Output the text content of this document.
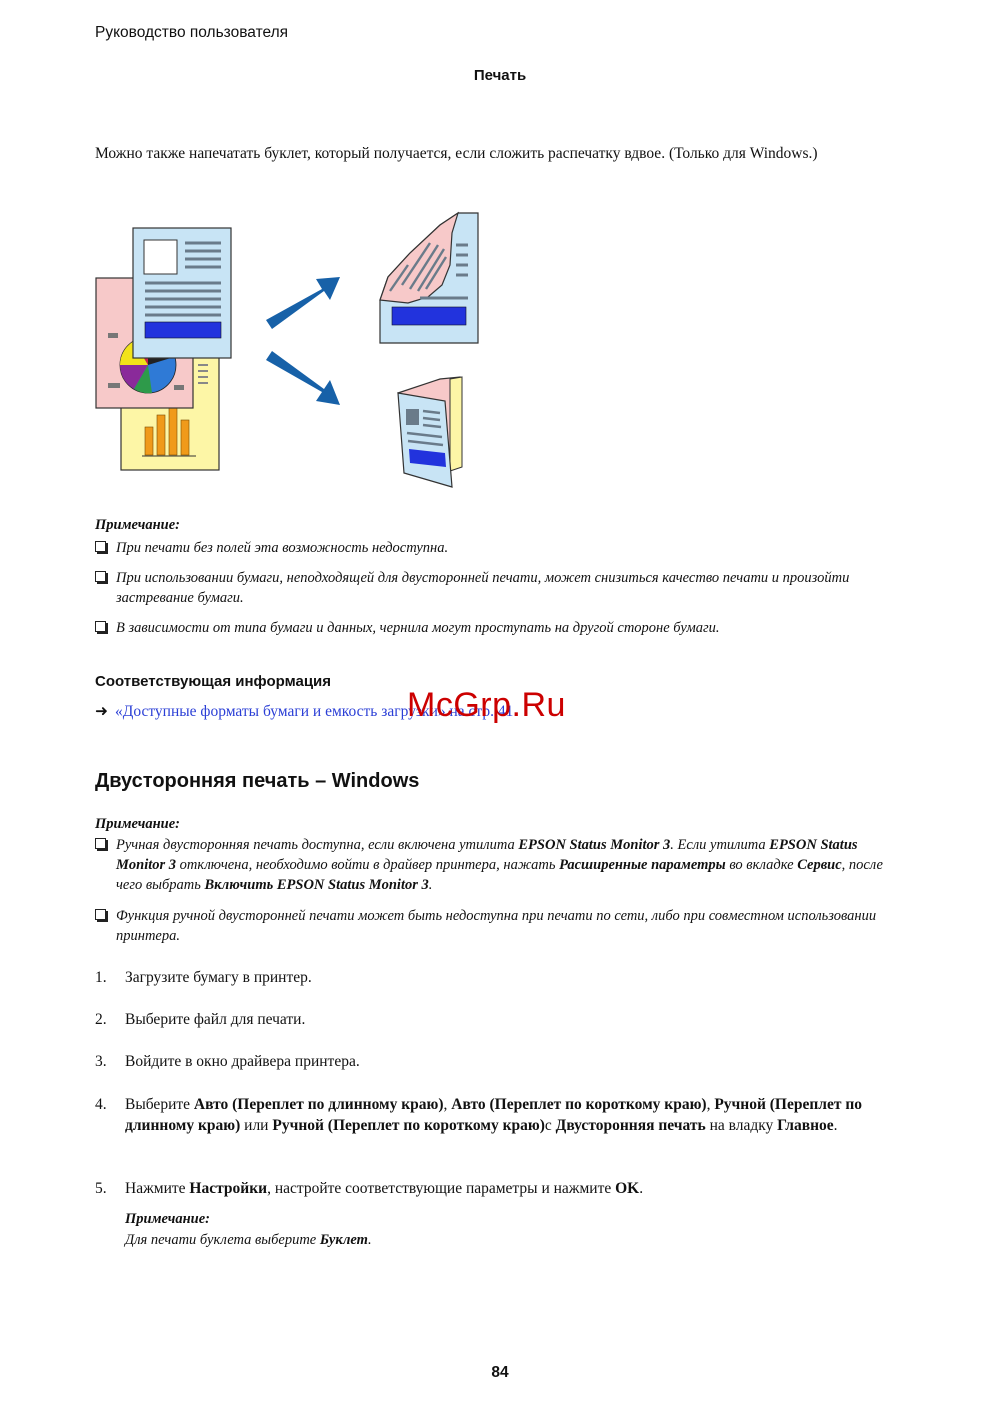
Руководство пользователя
Печать
Можно также напечатать буклет, который получается, если сложить распечатку вдвое. (Только для Windows.)
Примечание:
При печати без полей эта возможность недоступна.
При использовании бумаги, неподходящей для двусторонней печати, может снизиться качество печати и произойти застревание бумаги.
В зависимости от типа бумаги и данных, чернила могут проступать на другой стороне бумаги.
Соответствующая информация
➜ «Доступные форматы бумаги и емкость загрузки» на стр. 41
McGrp.Ru
Двусторонняя печать – Windows
Примечание:
Ручная двусторонняя печать доступна, если включена утилита EPSON Status Monitor 3. Если утилита EPSON Status Monitor 3 отключена, необходимо войти в драйвер принтера, нажать Расширенные параметры во вкладке Сервис, после чего выбрать Включить EPSON Status Monitor 3.
Функция ручной двусторонней печати может быть недоступна при печати по сети, либо при совместном использовании принтера.
1. Загрузите бумагу в принтер.
2. Выберите файл для печати.
3. Войдите в окно драйвера принтера.
4. Выберите Авто (Переплет по длинному краю), Авто (Переплет по короткому краю), Ручной (Переплет по длинному краю) или Ручной (Переплет по короткому краю)с Двусторонняя печать на владку Главное.
5. Нажмите Настройки, настройте соответствующие параметры и нажмите OK.
Примечание:
Для печати буклета выберите Буклет.
84
